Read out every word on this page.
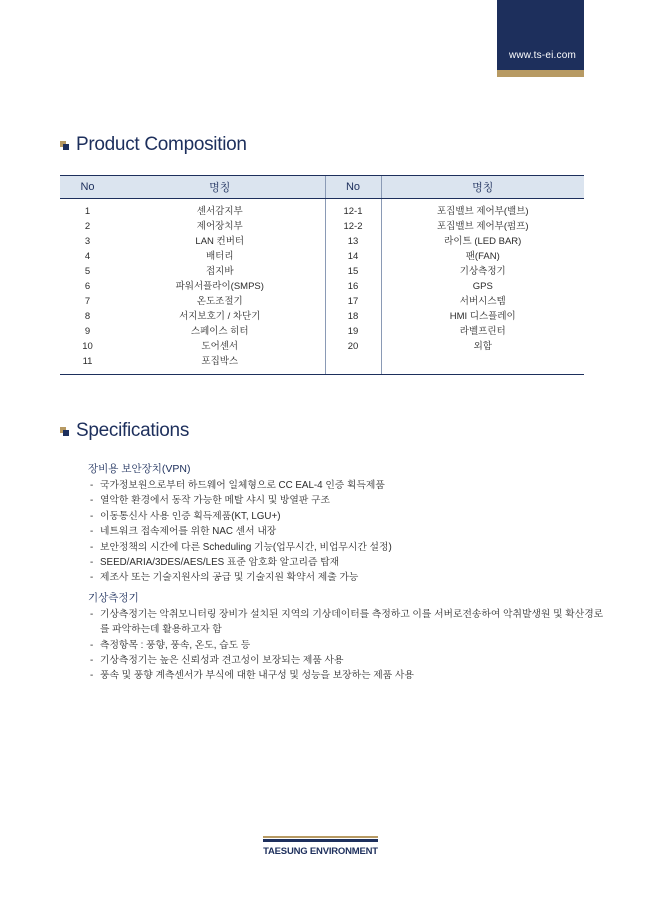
www.ts-ei.com
Product Composition
No	명칭	No	명칭
1	센서감지부	12-1	포집밸브 제어부(밸브)
2	제어장치부	12-2	포집밸브 제어부(펌프)
3	LAN 컨버터	13	라이트 (LED BAR)
4	배터리	14	팬(FAN)
5	접지바	15	기상측정기
6	파워서플라이(SMPS)	16	GPS
7	온도조절기	17	서버시스템
8	서지보호기 / 차단기	18	HMI 디스플레이
9	스페이스 히터	19	라벨프린터
10	도어센서	20	외함
11	포집박스		
Specifications
장비용 보안장치(VPN)
- 국가정보원으로부터 하드웨어 일체형으로 CC EAL-4 인증 획득제품
- 열악한 환경에서 동작 가능한 메탈 샤시 및 방열판 구조
- 이동통신사 사용 인증 획득제품(KT, LGU+)
- 네트워크 접속제어를 위한 NAC 센서 내장
- 보안정책의 시간에 다른 Scheduling 기능(업무시간, 비업무시간 설정)
- SEED/ARIA/3DES/AES/LES 표준 암호화 알고리즘 탑재
- 제조사 또는 기술지원사의 공급 및 기술지원 확약서 제출 가능
기상측정기
- 기상측정기는 악취모니터링 장비가 설치된 지역의 기상데이터를 측정하고 이를 서버로전송하여 악취발생원 및 확산경로를 파악하는데 활용하고자 함
- 측정항목 : 풍향, 풍속, 온도, 습도 등
- 기상측정기는 높은 신뢰성과 견고성이 보장되는 제품 사용
- 풍속 및 풍향 계측센서가 부식에 대한 내구성 및 성능을 보장하는 제품 사용
TAESUNG ENVIRONMENT
